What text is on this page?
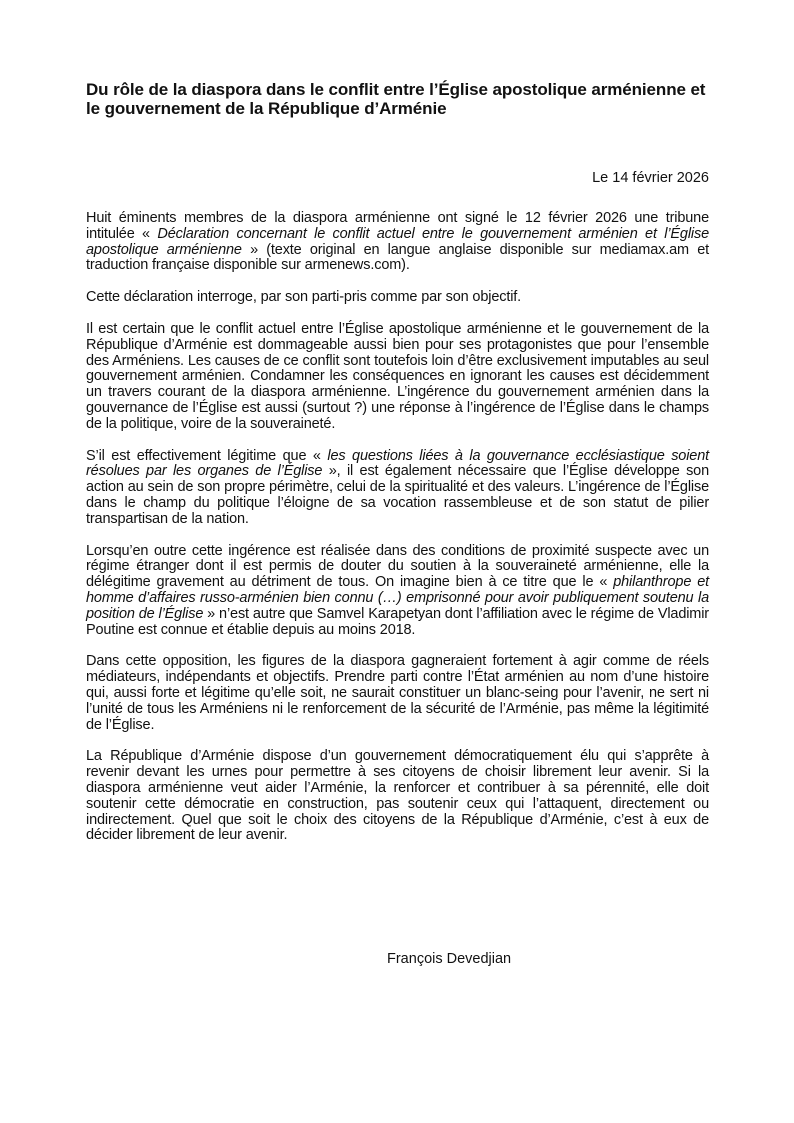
Du rôle de la diaspora dans le conflit entre l’Église apostolique arménienne et le gouvernement de la République d’Arménie
Le 14 février 2026

Huit éminents membres de la diaspora arménienne ont signé le 12 février 2026 une tribune intitulée « Déclaration concernant le conflit actuel entre le gouvernement arménien et l’Église apostolique arménienne » (texte original en langue anglaise disponible sur mediamax.am et traduction française disponible sur armenews.com).

Cette déclaration interroge, par son parti-pris comme par son objectif.

Il est certain que le conflit actuel entre l’Église apostolique arménienne et le gouvernement de la République d’Arménie est dommageable aussi bien pour ses protagonistes que pour l’ensemble des Arméniens. Les causes de ce conflit sont toutefois loin d’être exclusivement imputables au seul gouvernement arménien. Condamner les conséquences en ignorant les causes est décidemment un travers courant de la diaspora arménienne. L’ingérence du gouvernement arménien dans la gouvernance de l’Église est aussi (surtout ?) une réponse à l’ingérence de l’Église dans le champs de la politique, voire de la souveraineté.

S’il est effectivement légitime que « les questions liées à la gouvernance ecclésiastique soient résolues par les organes de l’Église », il est également nécessaire que l’Église développe son action au sein de son propre périmètre, celui de la spiritualité et des valeurs. L’ingérence de l’Église dans le champ du politique l’éloigne de sa vocation rassembleuse et de son statut de pilier transpartisan de la nation.

Lorsqu’en outre cette ingérence est réalisée dans des conditions de proximité suspecte avec un régime étranger dont il est permis de douter du soutien à la souveraineté arménienne, elle la délégitime gravement au détriment de tous. On imagine bien à ce titre que le « philanthrope et homme d’affaires russo-arménien bien connu (…) emprisonné pour avoir publiquement soutenu la position de l’Église » n’est autre que Samvel Karapetyan dont l’affiliation avec le régime de Vladimir Poutine est connue et établie depuis au moins 2018.

Dans cette opposition, les figures de la diaspora gagneraient fortement à agir comme de réels médiateurs, indépendants et objectifs. Prendre parti contre l’État arménien au nom d’une histoire qui, aussi forte et légitime qu’elle soit, ne saurait constituer un blanc-seing pour l’avenir, ne sert ni l’unité de tous les Arméniens ni le renforcement de la sécurité de l’Arménie, pas même la légitimité de l’Église.

La République d’Arménie dispose d’un gouvernement démocratiquement élu qui s’apprête à revenir devant les urnes pour permettre à ses citoyens de choisir librement leur avenir. Si la diaspora arménienne veut aider l’Arménie, la renforcer et contribuer à sa pérennité, elle doit soutenir cette démocratie en construction, pas soutenir ceux qui l’attaquent, directement ou indirectement. Quel que soit le choix des citoyens de la République d’Arménie, c’est à eux de décider librement de leur avenir.

François Devedjian
